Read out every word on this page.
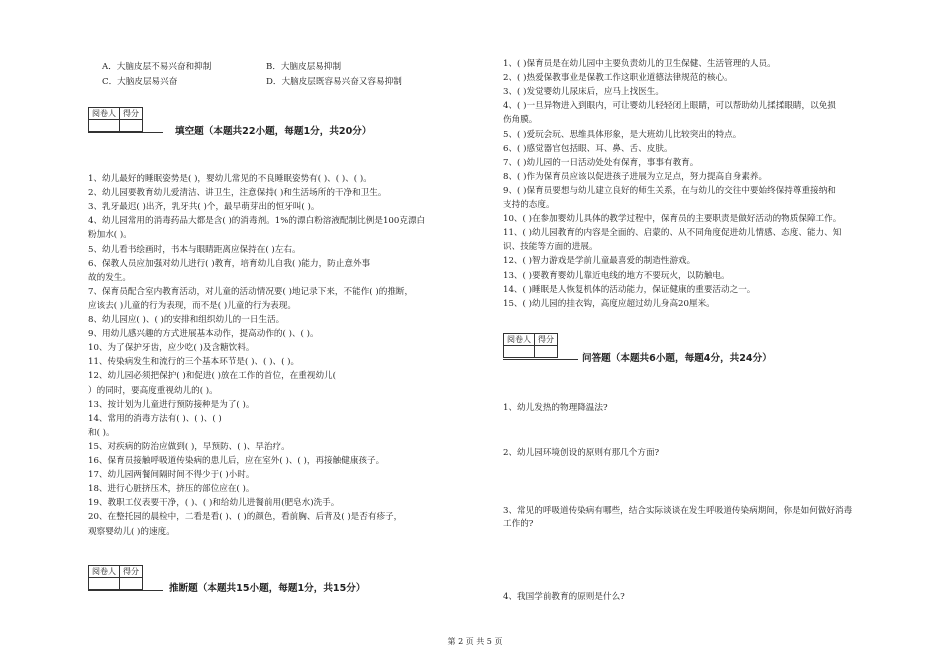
A．大脑皮层不易兴奋和抑制	B．大脑皮层易抑制
C．大脑皮层易兴奋	D．大脑皮层既容易兴奋又容易抑制
阅卷人	得分

填空题（本题共22小题，每题1分，共20分）
1、幼儿最好的睡眠姿势是( )，婴幼儿常见的不良睡眠姿势有( )、( )、( )。
2、幼儿园要教育幼儿爱清洁、讲卫生，注意保持( )和生活场所的干净和卫生。
3、乳牙最迟( )出齐，乳牙共( )个，最早萌芽出的恒牙叫( )。
4、幼儿园常用的消毒药品大都是含( )的消毒剂。1%的漂白粉溶液配制比例是100克漂白
粉加水( )。
5、幼儿看书绘画时，书本与眼睛距离应保持在( )左右。
6、保教人员应加强对幼儿进行( )教育，培育幼儿自我( )能力，防止意外事
故的发生。
7、保育员配合室内教育活动，对儿童的活动情况要( )地记录下来，不能作( )的推断，
应该去( )儿童的行为表现，而不是( )儿童的行为表现。
8、幼儿园应( )、( )的安排和组织幼儿的一日生活。
9、用幼儿感兴趣的方式进展基本动作，提高动作的( )、( )。
10、为了保护牙齿，应少吃( )及含糖饮料。
11、传染病发生和流行的三个基本环节是( )、( )、( )。
12、幼儿园必须把保护( )和促进( )放在工作的首位，在重视幼儿(
）的同时，要高度重视幼儿的( )。
13、按计划为儿童进行预防接种是为了( )。
14、常用的消毒方法有( )、( )、( )
和( )。
15、对疾病的防治应做到( )，早预防、( )、早治疗。
16、保育员接触呼吸道传染病的患儿后，应在室外( )、( )，再接触健康孩子。
17、幼儿园两餐间隔时间不得少于( )小时。
18、进行心脏挤压术，挤压的部位应在( )。
19、教职工仪表要干净，( )、( )和给幼儿进餐前用(肥皂水)洗手。
20、在整托园的晨检中，二看是看( )、( )的颜色，看前胸、后背及( )是否有疹子，
观察婴幼儿( )的速度。
阅卷人	得分

推断题（本题共15小题，每题1分，共15分）
1、( )保育员是在幼儿园中主要负责幼儿的卫生保健、生活管理的人员。
2、( )热爱保教事业是保教工作这职业道德法律规范的核心。
3、( )发觉婴幼儿尿床后，应马上找医生。
4、( )一旦异物进入到眼内，可让婴幼儿轻轻闭上眼睛，可以帮助幼儿揉揉眼睛，以免损
伤角膜。
5、( )爱玩会玩、思维具体形象，是大班幼儿比较突出的特点。
6、( )感觉器官包括眼、耳、鼻、舌、皮肤。
7、( )幼儿园的一日活动处处有保育，事事有教育。
8、( )作为保育员应该以促进孩子进展为立足点，努力提高自身素养。
9、( )保育员要想与幼儿建立良好的师生关系，在与幼儿的交往中要始终保持尊重接纳和
支持的态度。
10、( )在参加婴幼儿具体的教学过程中，保育员的主要职责是做好活动的物质保障工作。
11、( )幼儿园教育的内容是全面的、启蒙的、从不同角度促进幼儿情感、态度、能力、知
识、技能等方面的进展。
12、( )智力游戏是学前儿童最喜爱的制造性游戏。
13、( )要教育婴幼儿靠近电线的地方不要玩火，以防触电。
14、( )睡眠是人恢复机体的活动能力，保证健康的重要活动之一。
15、( )幼儿园的挂衣钩，高度应超过幼儿身高20厘米。
阅卷人	得分

问答题（本题共6小题，每题4分，共24分）
1、幼儿发热的物理降温法?
2、幼儿园环境创设的原则有那几个方面?
3、常见的呼吸道传染病有哪些，结合实际谈谈在发生呼吸道传染病期间，你是如何做好消毒
工作的?
4、我国学前教育的原则是什么?
第 2 页 共 5 页
